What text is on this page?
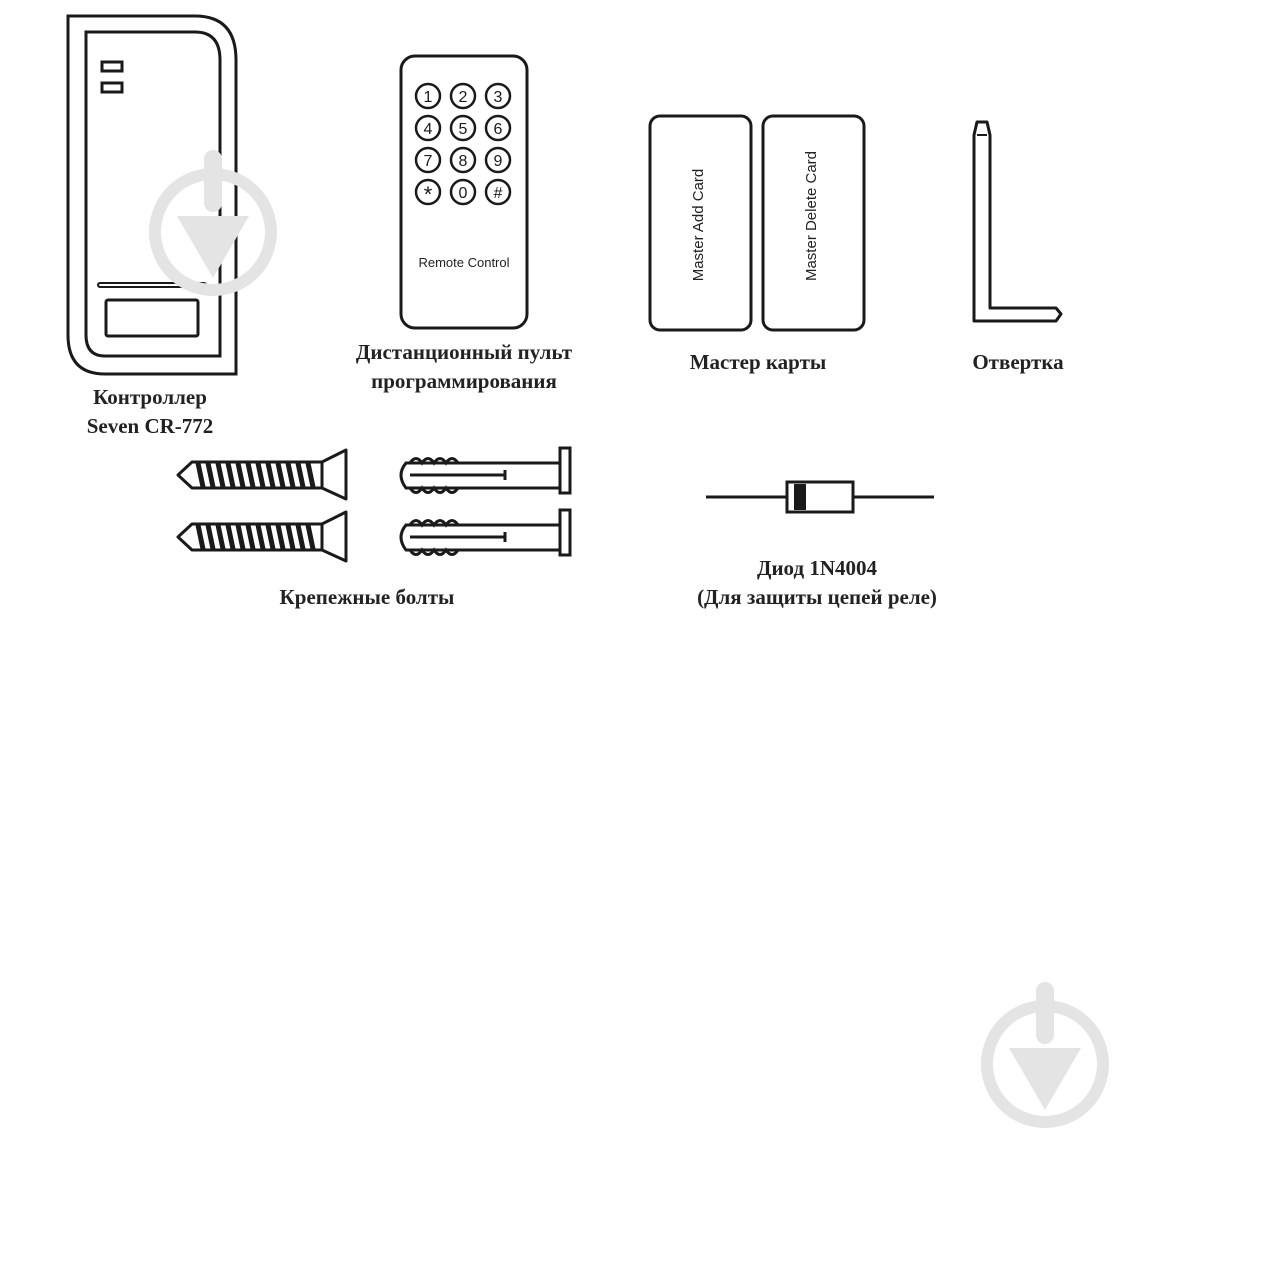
1 2 3
4 5 6
7 8 9
* 0 #
Remote Control	Master Add Card	Master Delete Card
Контроллер
Seven CR-772
Дистанционный пульт
программирования
Мастер карты	Отвертка
Крепежные болты
Диод 1N4004
(Для защиты цепей реле)
